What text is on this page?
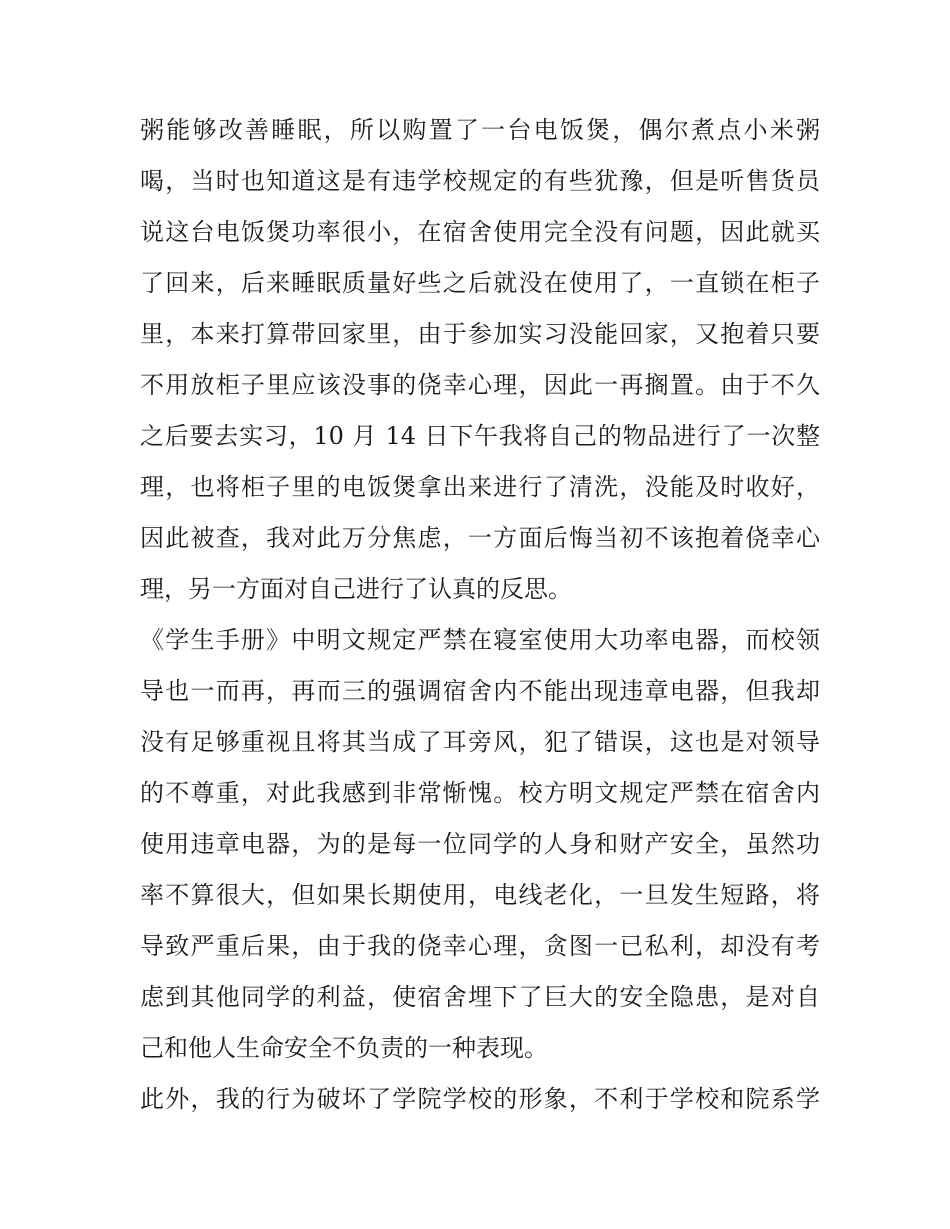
粥能够改善睡眠，所以购置了一台电饭煲，偶尔煮点小米粥
喝，当时也知道这是有违学校规定的有些犹豫，但是听售货员
说这台电饭煲功率很小，在宿舍使用完全没有问题，因此就买
了回来，后来睡眠质量好些之后就没在使用了，一直锁在柜子
里，本来打算带回家里，由于参加实习没能回家，又抱着只要
不用放柜子里应该没事的侥幸心理，因此一再搁置。由于不久
之后要去实习，10 月 14 日下午我将自己的物品进行了一次整
理，也将柜子里的电饭煲拿出来进行了清洗，没能及时收好，
因此被查，我对此万分焦虑，一方面后悔当初不该抱着侥幸心
理，另一方面对自己进行了认真的反思。
《学生手册》中明文规定严禁在寝室使用大功率电器，而校领
导也一而再，再而三的强调宿舍内不能出现违章电器，但我却
没有足够重视且将其当成了耳旁风，犯了错误，这也是对领导
的不尊重，对此我感到非常惭愧。校方明文规定严禁在宿舍内
使用违章电器，为的是每一位同学的人身和财产安全，虽然功
率不算很大，但如果长期使用，电线老化，一旦发生短路，将
导致严重后果，由于我的侥幸心理，贪图一已私利，却没有考
虑到其他同学的利益，使宿舍埋下了巨大的安全隐患，是对自
己和他人生命安全不负责的一种表现。
此外，我的行为破坏了学院学校的形象，不利于学校和院系学
